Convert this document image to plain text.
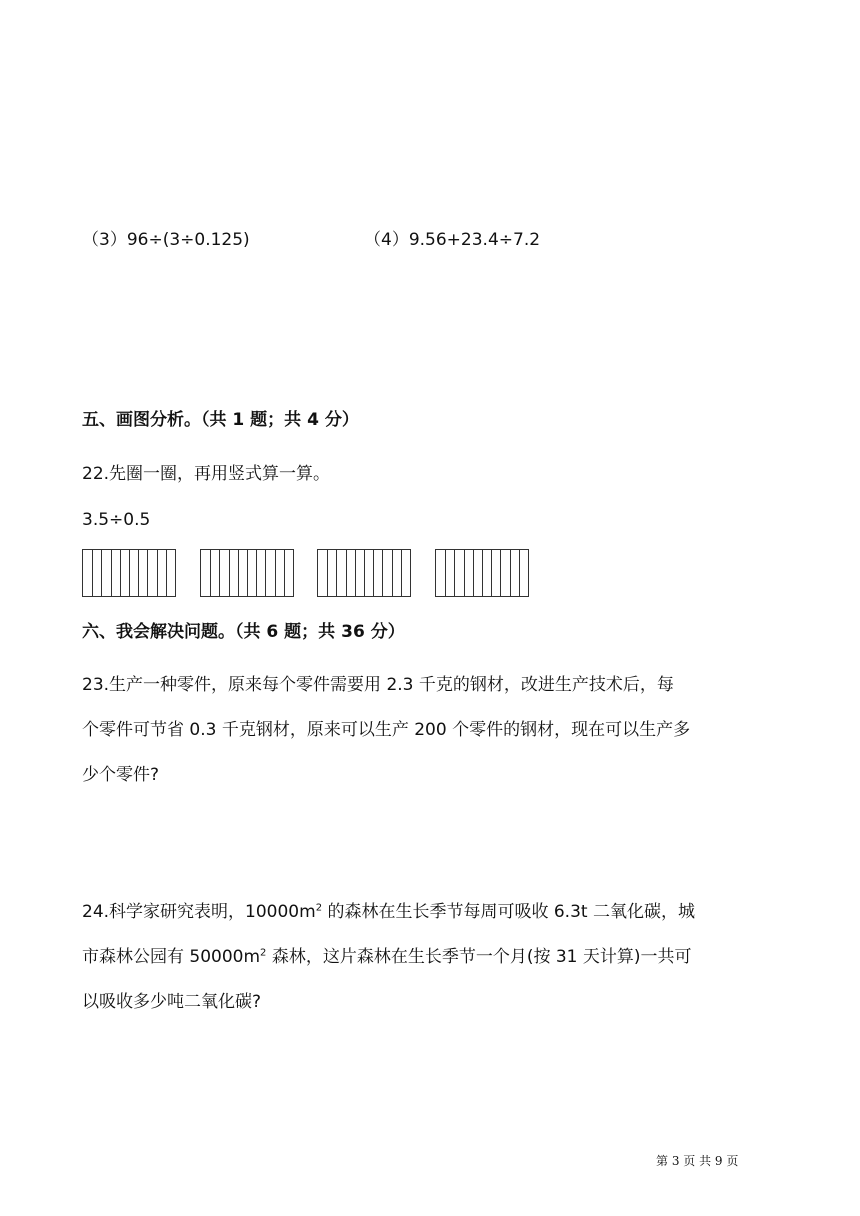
（3）96÷(3÷0.125)	（4）9.56+23.4÷7.2
五、画图分析。（共 1 题；共 4 分）
22.先圈一圈，再用竖式算一算。
3.5÷0.5
六、我会解决问题。（共 6 题；共 36 分）
23.生产一种零件，原来每个零件需要用 2.3 千克的钢材，改进生产技术后，每
个零件可节省 0.3 千克钢材，原来可以生产 200 个零件的钢材，现在可以生产多
少个零件?
24.科学家研究表明，$10000m^2$ 的森林在生长季节每周可吸收 6.3t 二氧化碳，城
市森林公园有 $50000m^2$ 森林，这片森林在生长季节一个月(按 31 天计算)一共可
以吸收多少吨二氧化碳?
第 3 页 共 9 页
